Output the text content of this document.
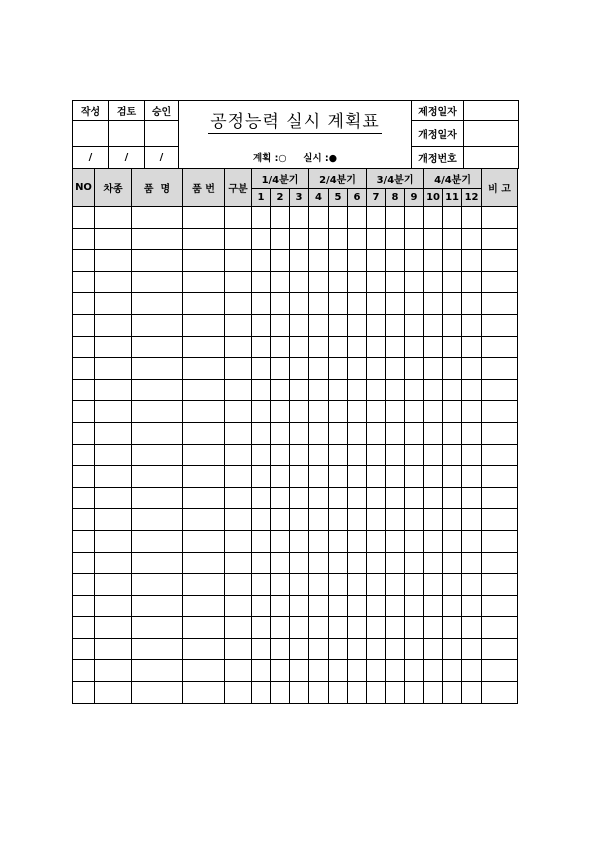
작성	검토	승인	공정능력 실시 계획표
계획 :○ 실시 :●	제정일자	
				개정일자	
/	/	/		개정번호	
NO	차종	품  명	품 번	구분	1/4분기			2/4분기			3/4분기			4/4분기			비 고
					1	2	3	4	5	6	7	8	9	10	11	12	
